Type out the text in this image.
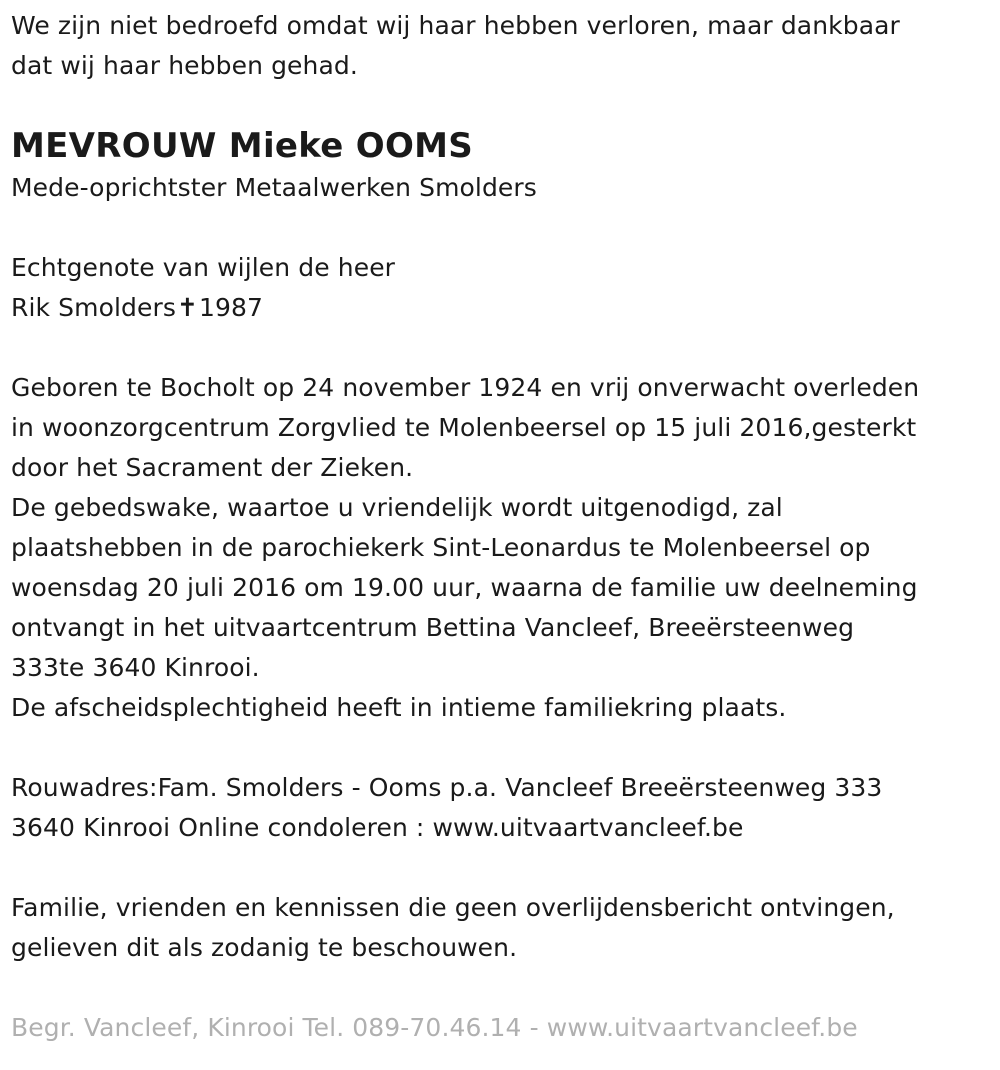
We zijn niet bedroefd omdat wij haar hebben verloren, maar dankbaar
dat wij haar hebben gehad.
MEVROUW Mieke OOMS
Mede-oprichtster Metaalwerken Smolders
Echtgenote van wijlen de heer
Rik Smolders✝1987
Geboren te Bocholt op 24 november 1924 en vrij onverwacht overleden
in woonzorgcentrum Zorgvlied te Molenbeersel op 15 juli 2016,gesterkt
door het Sacrament der Zieken.
De gebedswake, waartoe u vriendelijk wordt uitgenodigd, zal
plaatshebben in de parochiekerk Sint-Leonardus te Molenbeersel op
woensdag 20 juli 2016 om 19.00 uur, waarna de familie uw deelneming
ontvangt in het uitvaartcentrum Bettina Vancleef, Breeërsteenweg
333te 3640 Kinrooi.
De afscheidsplechtigheid heeft in intieme familiekring plaats.
Rouwadres:Fam. Smolders - Ooms p.a. Vancleef Breeërsteenweg 333
3640 Kinrooi Online condoleren : www.uitvaartvancleef.be
Familie, vrienden en kennissen die geen overlijdensbericht ontvingen,
gelieven dit als zodanig te beschouwen.
Begr. Vancleef, Kinrooi Tel. 089-70.46.14 - www.uitvaartvancleef.be
